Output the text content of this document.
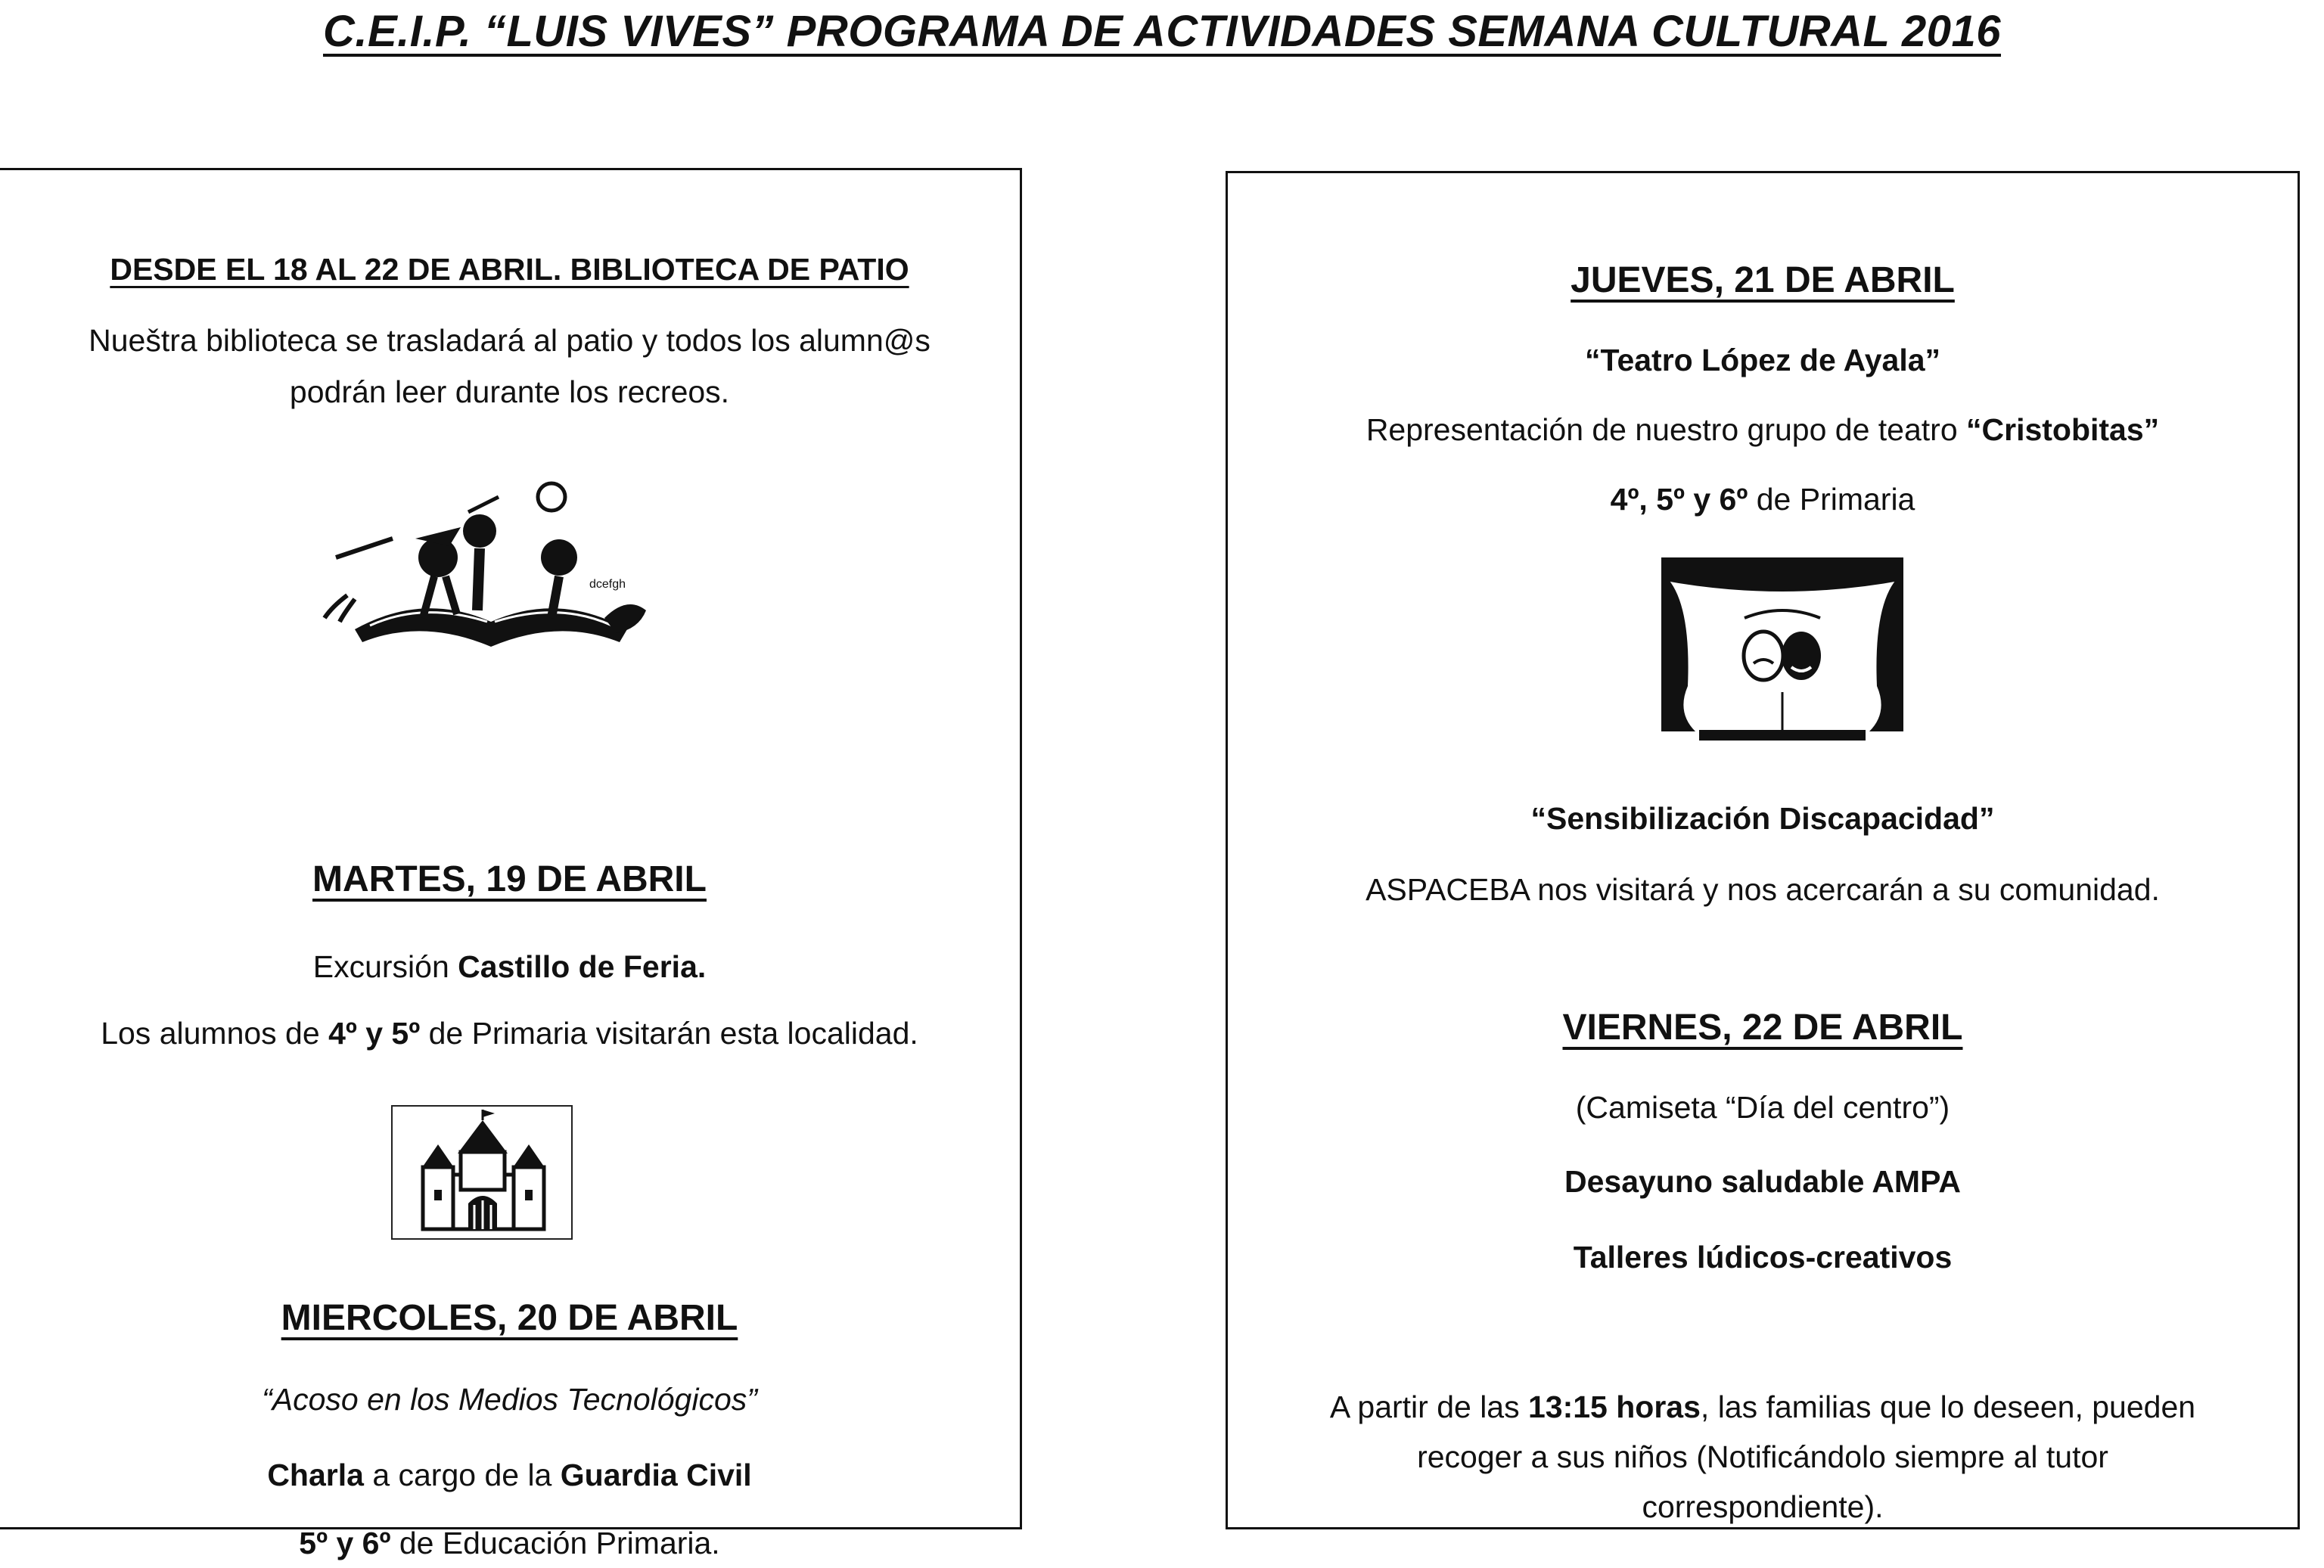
C.E.I.P. “LUIS VIVES” PROGRAMA DE ACTIVIDADES SEMANA CULTURAL 2016
DESDE EL 18 AL 22 DE ABRIL. BIBLIOTECA DE PATIO
Nueštra biblioteca se trasladará al patio y todos los alumn@s
podrán leer durante los recreos.
dcefgh
MARTES, 19 DE ABRIL
Excursión Castillo de Feria.
Los alumnos de 4º y 5º de Primaria visitarán esta localidad.
MIERCOLES, 20 DE ABRIL
“Acoso en los Medios Tecnológicos”
Charla a cargo de la Guardia Civil
5º y 6º de Educación Primaria.
JUEVES, 21 DE ABRIL
“Teatro López de Ayala”
Representación de nuestro grupo de teatro “Cristobitas”
4º, 5º y 6º de Primaria
“Sensibilización Discapacidad”
ASPACEBA nos visitará y nos acercarán a su comunidad.
VIERNES, 22 DE ABRIL
(Camiseta “Día del centro”)
Desayuno saludable AMPA
Talleres lúdicos-creativos
A partir de las 13:15 horas, las familias que lo deseen, pueden
recoger a sus niños (Notificándolo siempre al tutor
correspondiente).
